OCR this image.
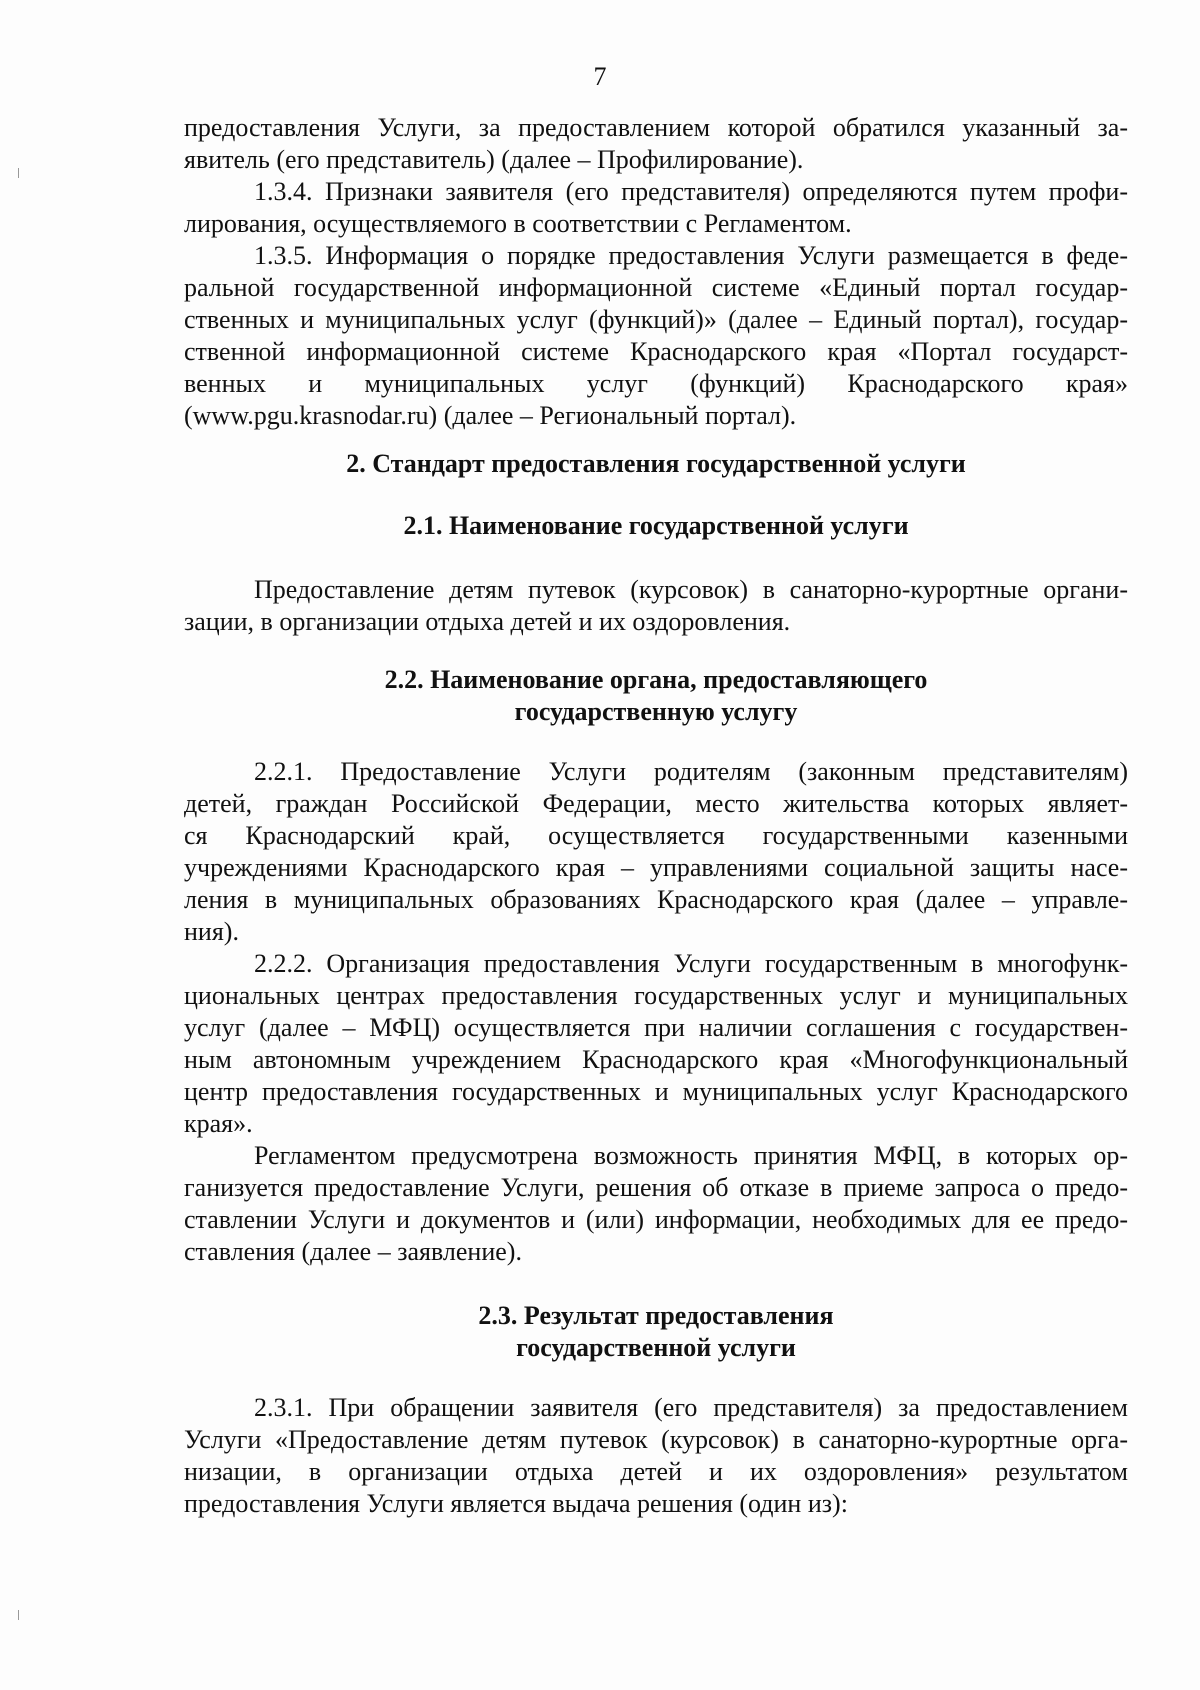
7
предоставления Услуги, за предоставлением которой обратился указанный за-
явитель (его представитель) (далее – Профилирование).
1.3.4. Признаки заявителя (его представителя) определяются путем профи-
лирования, осуществляемого в соответствии с Регламентом.
1.3.5. Информация о порядке предоставления Услуги размещается в феде-
ральной государственной информационной системе «Единый портал государ-
ственных и муниципальных услуг (функций)» (далее – Единый портал), государ-
ственной информационной системе Краснодарского края «Портал государст-
венных и муниципальных услуг (функций) Краснодарского края»
(www.pgu.krasnodar.ru) (далее – Региональный портал).
2. Стандарт предоставления государственной услуги
2.1. Наименование государственной услуги
Предоставление детям путевок (курсовок) в санаторно-курортные органи-
зации, в организации отдыха детей и их оздоровления.
2.2. Наименование органа, предоставляющего
государственную услугу
2.2.1. Предоставление Услуги родителям (законным представителям)
детей, граждан Российской Федерации, место жительства которых являет-
ся Краснодарский край, осуществляется государственными казенными
учреждениями Краснодарского края – управлениями социальной защиты насе-
ления в муниципальных образованиях Краснодарского края (далее – управле-
ния).
2.2.2. Организация предоставления Услуги государственным в многофунк-
циональных центрах предоставления государственных услуг и муниципальных
услуг (далее – МФЦ) осуществляется при наличии соглашения с государствен-
ным автономным учреждением Краснодарского края «Многофункциональный
центр предоставления государственных и муниципальных услуг Краснодарского
края».
Регламентом предусмотрена возможность принятия МФЦ, в которых ор-
ганизуется предоставление Услуги, решения об отказе в приеме запроса о предо-
ставлении Услуги и документов и (или) информации, необходимых для ее предо-
ставления (далее – заявление).
2.3. Результат предоставления
государственной услуги
2.3.1. При обращении заявителя (его представителя) за предоставлением
Услуги «Предоставление детям путевок (курсовок) в санаторно-курортные орга-
низации, в организации отдыха детей и их оздоровления» результатом
предоставления Услуги является выдача решения (один из):
